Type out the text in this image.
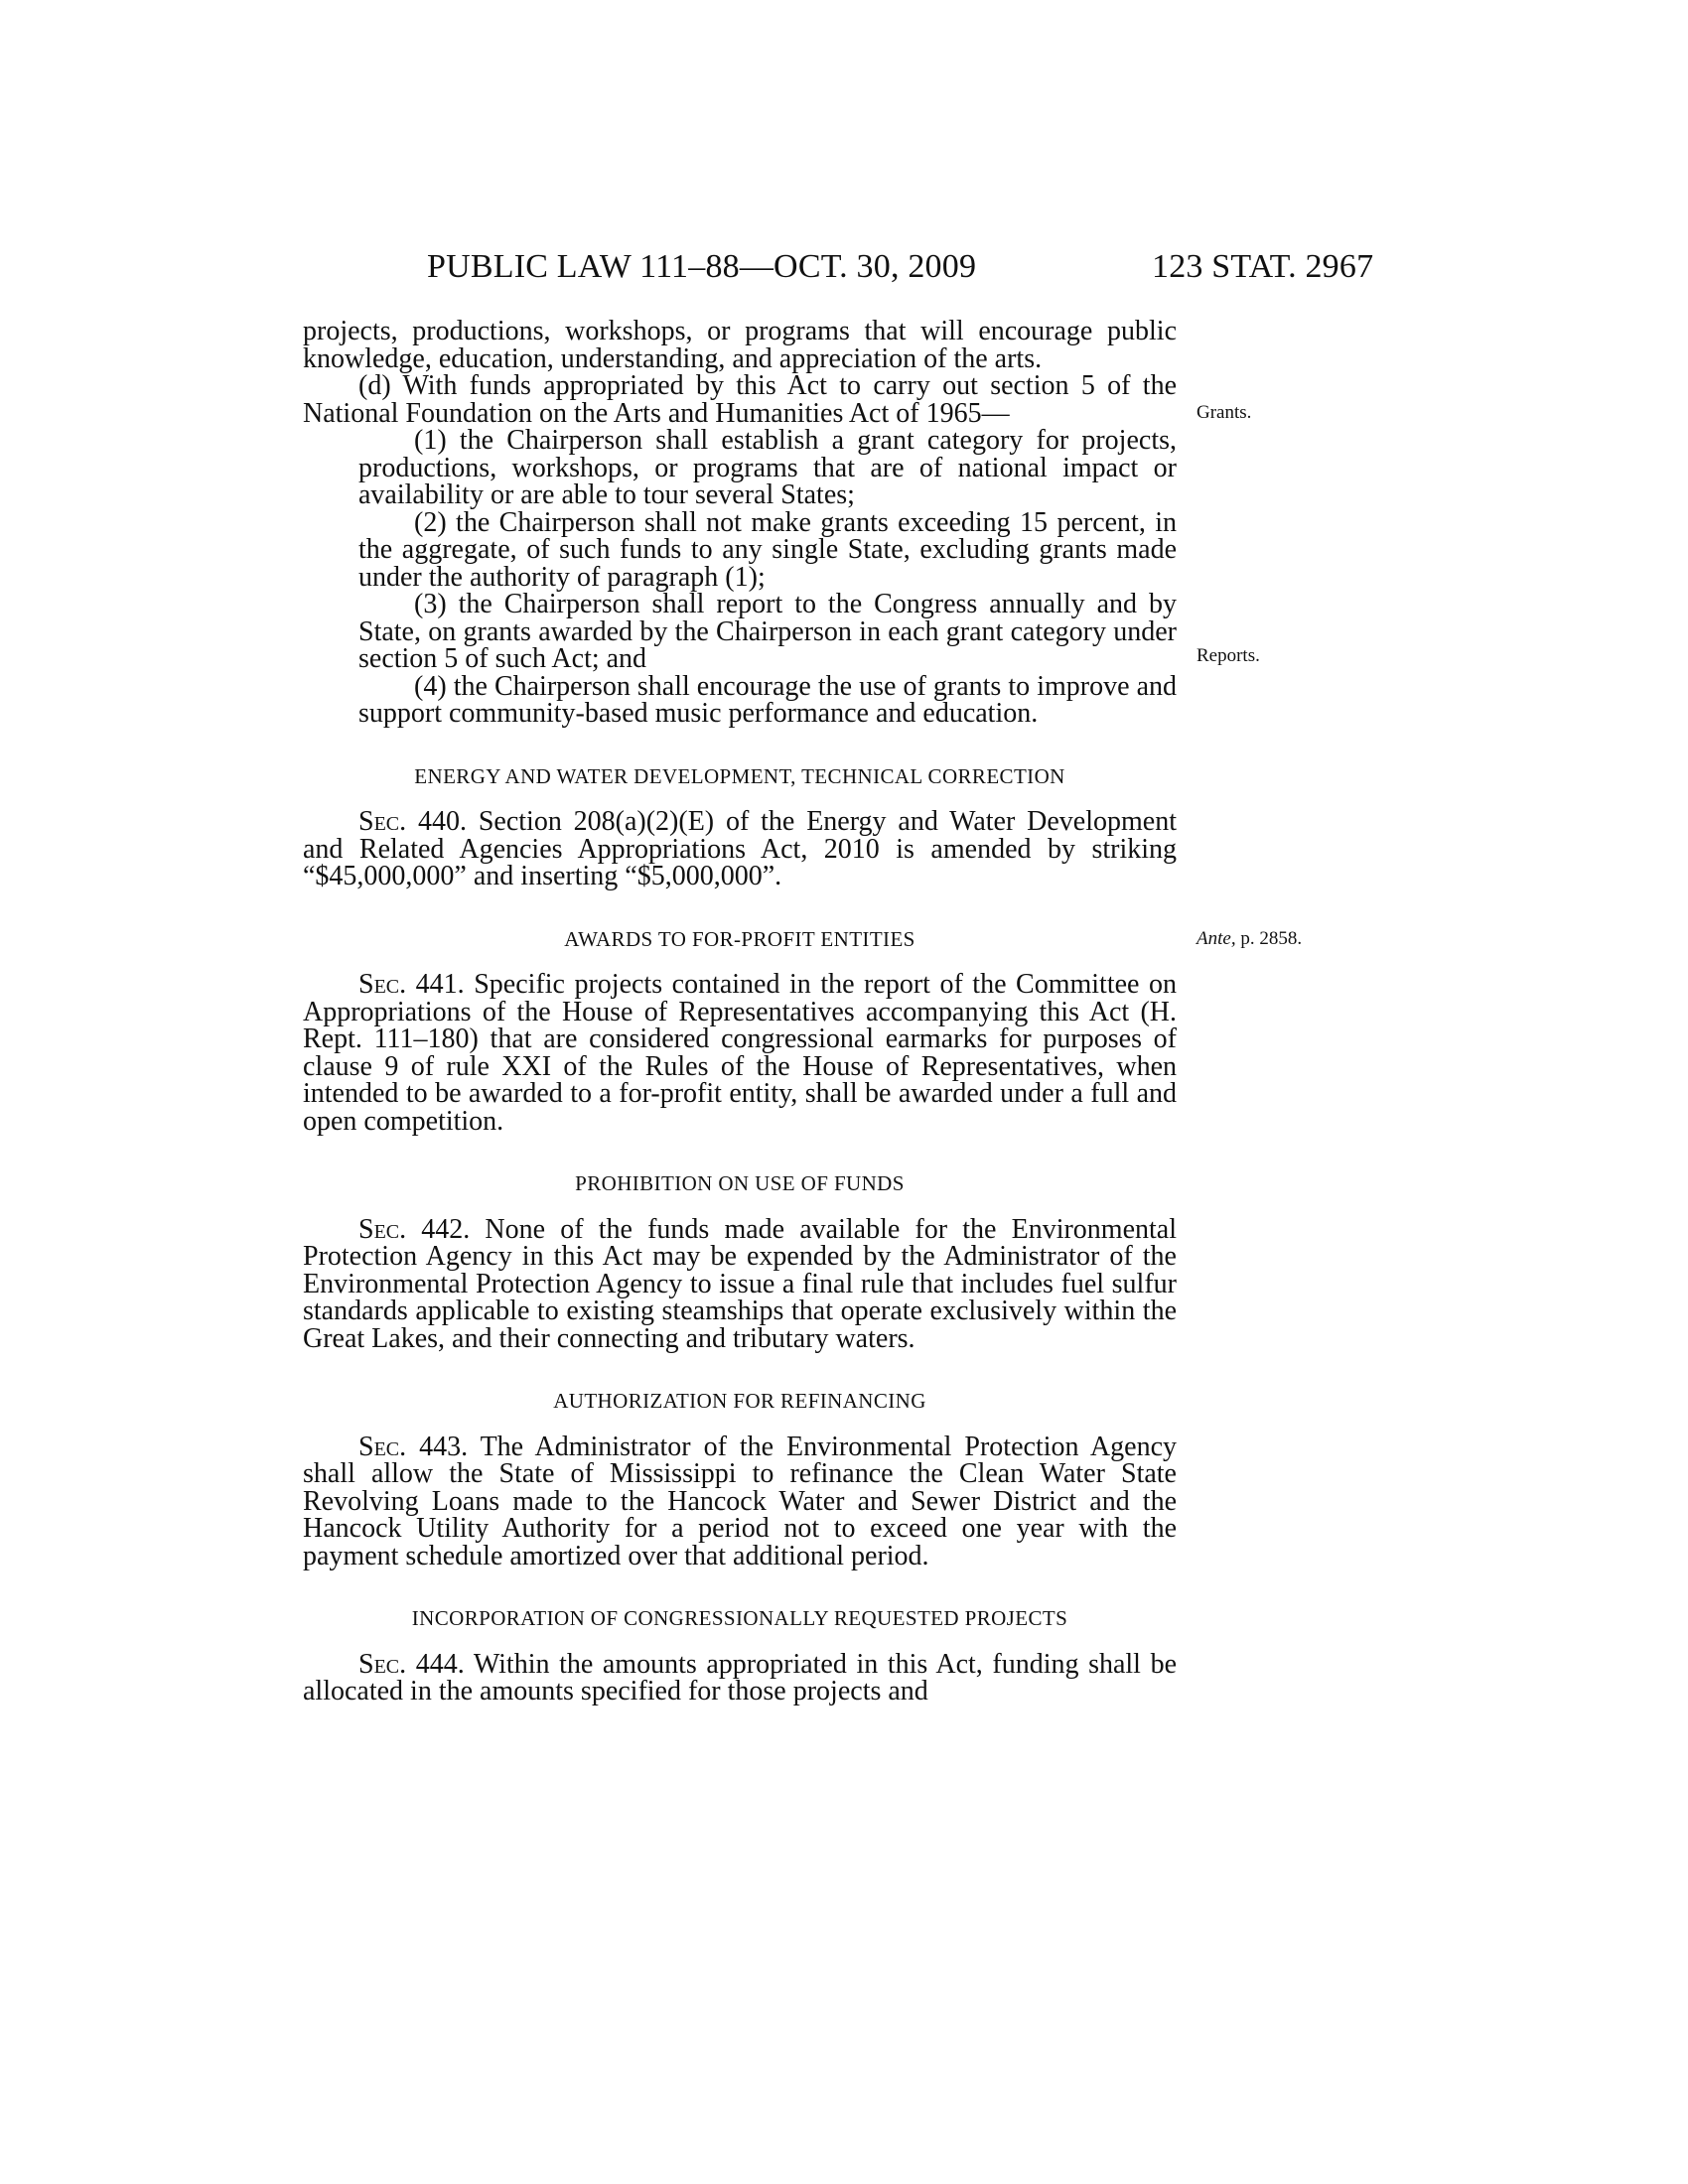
PUBLIC LAW 111–88—OCT. 30, 2009	123 STAT. 2967
Grants.
Reports.
Ante, p. 2858.

projects, productions, workshops, or programs that will encourage public knowledge, education, understanding, and appreciation of the arts.

(d) With funds appropriated by this Act to carry out section 5 of the National Foundation on the Arts and Humanities Act of 1965—

(1) the Chairperson shall establish a grant category for projects, productions, workshops, or programs that are of national impact or availability or are able to tour several States;

(2) the Chairperson shall not make grants exceeding 15 percent, in the aggregate, of such funds to any single State, excluding grants made under the authority of paragraph (1);

(3) the Chairperson shall report to the Congress annually and by State, on grants awarded by the Chairperson in each grant category under section 5 of such Act; and

(4) the Chairperson shall encourage the use of grants to improve and support community-based music performance and education.

ENERGY AND WATER DEVELOPMENT, TECHNICAL CORRECTION

Sec. 440. Section 208(a)(2)(E) of the Energy and Water Development and Related Agencies Appropriations Act, 2010 is amended by striking “$45,000,000” and inserting “$5,000,000”.

AWARDS TO FOR-PROFIT ENTITIES

Sec. 441. Specific projects contained in the report of the Committee on Appropriations of the House of Representatives accompanying this Act (H. Rept. 111–180) that are considered congressional earmarks for purposes of clause 9 of rule XXI of the Rules of the House of Representatives, when intended to be awarded to a for-profit entity, shall be awarded under a full and open competition.

PROHIBITION ON USE OF FUNDS

Sec. 442. None of the funds made available for the Environmental Protection Agency in this Act may be expended by the Administrator of the Environmental Protection Agency to issue a final rule that includes fuel sulfur standards applicable to existing steamships that operate exclusively within the Great Lakes, and their connecting and tributary waters.

AUTHORIZATION FOR REFINANCING

Sec. 443. The Administrator of the Environmental Protection Agency shall allow the State of Mississippi to refinance the Clean Water State Revolving Loans made to the Hancock Water and Sewer District and the Hancock Utility Authority for a period not to exceed one year with the payment schedule amortized over that additional period.

INCORPORATION OF CONGRESSIONALLY REQUESTED PROJECTS

Sec. 444. Within the amounts appropriated in this Act, funding shall be allocated in the amounts specified for those projects and
